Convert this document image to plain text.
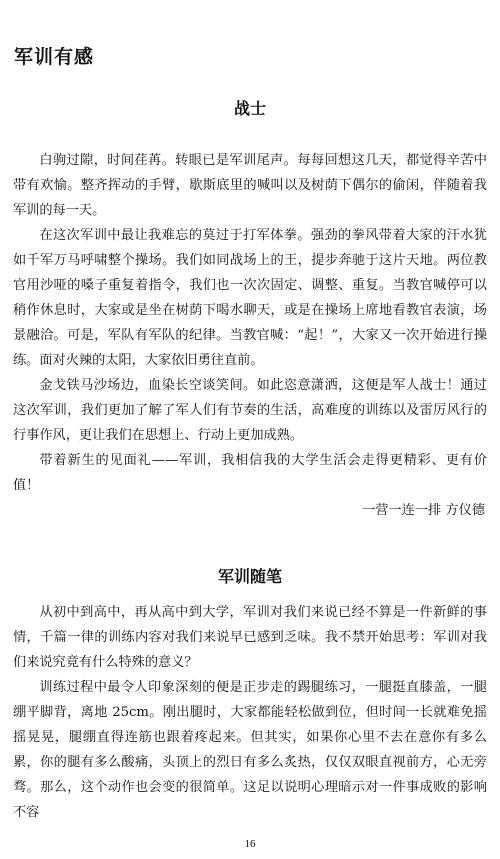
军训有感
战士

白驹过隙，时间荏苒。转眼已是军训尾声。每每回想这几天，都觉得辛苦中带有欢愉。整齐挥动的手臂，歇斯底里的喊叫以及树荫下偶尔的偷闲，伴随着我军训的每一天。

在这次军训中最让我难忘的莫过于打军体拳。强劲的拳风带着大家的汗水犹如千军万马呼啸整个操场。我们如同战场上的王，提步奔驰于这片天地。两位教官用沙哑的嗓子重复着指令，我们也一次次固定、调整、重复。当教官喊停可以稍作休息时，大家或是坐在树荫下喝水聊天，或是在操场上席地看教官表演，场景融洽。可是，军队有军队的纪律。当教官喊：“起！”，大家又一次开始进行操练。面对火辣的太阳，大家依旧勇往直前。

金戈铁马沙场边，血染长空谈笑间。如此恣意潇洒，这便是军人战士！通过这次军训，我们更加了解了军人们有节奏的生活，高难度的训练以及雷厉风行的行事作风，更让我们在思想上、行动上更加成熟。

带着新生的见面礼——军训，我相信我的大学生活会走得更精彩、更有价值！

一营一连一排 方仪德
军训随笔

从初中到高中，再从高中到大学，军训对我们来说已经不算是一件新鲜的事情，千篇一律的训练内容对我们来说早已感到乏味。我不禁开始思考：军训对我们来说究竟有什么特殊的意义？

训练过程中最令人印象深刻的便是正步走的踢腿练习，一腿挺直膝盖，一腿绷平脚背，离地 25cm。刚出腿时，大家都能轻松做到位，但时间一长就难免摇摇晃晃，腿绷直得连筋也跟着疼起来。但其实，如果你心里不去在意你有多么累，你的腿有多么酸痛，头顶上的烈日有多么炙热，仅仅双眼直视前方，心无旁骛。那么，这个动作也会变的很简单。这足以说明心理暗示对一件事成败的影响不容

16
